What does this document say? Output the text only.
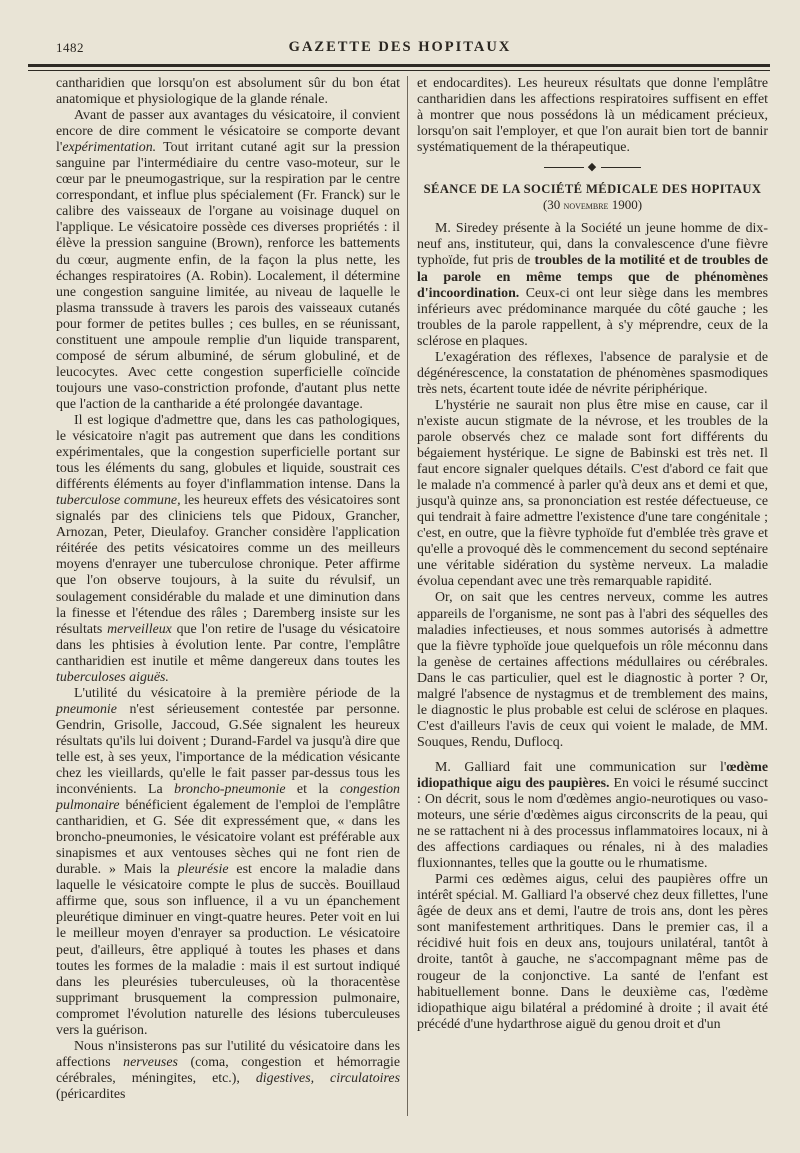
1482	GAZETTE DES HOPITAUX

cantharidien que lorsqu'on est absolument sûr du bon état anatomique et physiologique de la glande rénale.

Avant de passer aux avantages du vésicatoire, il convient encore de dire comment le vésicatoire se comporte devant l'expérimentation. Tout irritant cutané agit sur la pression sanguine par l'intermédiaire du centre vaso-moteur, sur le cœur par le pneumogastrique, sur la respiration par le centre correspondant, et influe plus spécialement (Fr. Franck) sur le calibre des vaisseaux de l'organe au voisinage duquel on l'applique. Le vésicatoire possède ces diverses propriétés : il élève la pression sanguine (Brown), renforce les battements du cœur, augmente enfin, de la façon la plus nette, les échanges respiratoires (A. Robin). Localement, il détermine une congestion sanguine limitée, au niveau de laquelle le plasma transsude à travers les parois des vaisseaux cutanés pour former de petites bulles ; ces bulles, en se réunissant, constituent une ampoule remplie d'un liquide transparent, composé de sérum albuminé, de sérum globuliné, et de leucocytes. Avec cette congestion superficielle coïncide toujours une vaso-constriction profonde, d'autant plus nette que l'action de la cantharide a été prolongée davantage.

Il est logique d'admettre que, dans les cas pathologiques, le vésicatoire n'agit pas autrement que dans les conditions expérimentales, que la congestion superficielle portant sur tous les éléments du sang, globules et liquide, soustrait ces différents éléments au foyer d'inflammation intense. Dans la tuberculose commune, les heureux effets des vésicatoires sont signalés par des cliniciens tels que Pidoux, Grancher, Arnozan, Peter, Dieulafoy. Grancher considère l'application réitérée des petits vésicatoires comme un des meilleurs moyens d'enrayer une tuberculose chronique. Peter affirme que l'on observe toujours, à la suite du révulsif, un soulagement considérable du malade et une diminution dans la finesse et l'étendue des râles ; Daremberg insiste sur les résultats merveilleux que l'on retire de l'usage du vésicatoire dans les phtisies à évolution lente. Par contre, l'emplâtre cantharidien est inutile et même dangereux dans toutes les tuberculoses aiguës.

L'utilité du vésicatoire à la première période de la pneumonie n'est sérieusement contestée par personne. Gendrin, Grisolle, Jaccoud, G.Sée signalent les heureux résultats qu'ils lui doivent ; Durand-Fardel va jusqu'à dire que telle est, à ses yeux, l'importance de la médication vésicante chez les vieillards, qu'elle le fait passer par-dessus tous les inconvénients. La broncho-pneumonie et la congestion pulmonaire bénéficient également de l'emploi de l'emplâtre cantharidien, et G. Sée dit expressément que, « dans les broncho-pneumonies, le vésicatoire volant est préférable aux sinapismes et aux ventouses sèches qui ne font rien de durable. » Mais la pleurésie est encore la maladie dans laquelle le vésicatoire compte le plus de succès. Bouillaud affirme que, sous son influence, il a vu un épanchement pleurétique diminuer en vingt-quatre heures. Peter voit en lui le meilleur moyen d'enrayer sa production. Le vésicatoire peut, d'ailleurs, être appliqué à toutes les phases et dans toutes les formes de la maladie : mais il est surtout indiqué dans les pleurésies tuberculeuses, où la thoracentèse supprimant brusquement la compression pulmonaire, compromet l'évolution naturelle des lésions tuberculeuses vers la guérison.

Nous n'insisterons pas sur l'utilité du vésicatoire dans les affections nerveuses (coma, congestion et hémorragie cérébrales, méningites, etc.), digestives, circulatoires (péricardites

et endocardites). Les heureux résultats que donne l'emplâtre cantharidien dans les affections respiratoires suffisent en effet à montrer que nous possédons là un médicament précieux, lorsqu'on sait l'employer, et que l'on aurait bien tort de bannir systématiquement de la thérapeutique.

◆
SÉANCE DE LA SOCIÉTÉ MÉDICALE DES HOPITAUX
(30 novembre 1900)

M. Siredey présente à la Société un jeune homme de dix-neuf ans, instituteur, qui, dans la convalescence d'une fièvre typhoïde, fut pris de troubles de la motilité et de troubles de la parole en même temps que de phénomènes d'incoordination. Ceux-ci ont leur siège dans les membres inférieurs avec prédominance marquée du côté gauche ; les troubles de la parole rappellent, à s'y méprendre, ceux de la sclérose en plaques.

L'exagération des réflexes, l'absence de paralysie et de dégénérescence, la constatation de phénomènes spasmodiques très nets, écartent toute idée de névrite périphérique.

L'hystérie ne saurait non plus être mise en cause, car il n'existe aucun stigmate de la névrose, et les troubles de la parole observés chez ce malade sont fort différents du bégaiement hystérique. Le signe de Babinski est très net. Il faut encore signaler quelques détails. C'est d'abord ce fait que le malade n'a commencé à parler qu'à deux ans et demi et que, jusqu'à quinze ans, sa prononciation est restée défectueuse, ce qui tendrait à faire admettre l'existence d'une tare congénitale ; c'est, en outre, que la fièvre typhoïde fut d'emblée très grave et qu'elle a provoqué dès le commencement du second septénaire une véritable sidération du système nerveux. La maladie évolua cependant avec une très remarquable rapidité.

Or, on sait que les centres nerveux, comme les autres appareils de l'organisme, ne sont pas à l'abri des séquelles des maladies infectieuses, et nous sommes autorisés à admettre que la fièvre typhoïde joue quelquefois un rôle méconnu dans la genèse de certaines affections médullaires ou cérébrales. Dans le cas particulier, quel est le diagnostic à porter ? Or, malgré l'absence de nystagmus et de tremblement des mains, le diagnostic le plus probable est celui de sclérose en plaques. C'est d'ailleurs l'avis de ceux qui voient le malade, de MM. Souques, Rendu, Duflocq.

M. Galliard fait une communication sur l'œdème idiopathique aigu des paupières. En voici le résumé succinct : On décrit, sous le nom d'œdèmes angio-neurotiques ou vaso-moteurs, une série d'œdèmes aigus circonscrits de la peau, qui ne se rattachent ni à des processus inflammatoires locaux, ni à des affections cardiaques ou rénales, ni à des maladies fluxionnantes, telles que la goutte ou le rhumatisme.

Parmi ces œdèmes aigus, celui des paupières offre un intérêt spécial. M. Galliard l'a observé chez deux fillettes, l'une âgée de deux ans et demi, l'autre de trois ans, dont les pères sont manifestement arthritiques. Dans le premier cas, il a récidivé huit fois en deux ans, toujours unilatéral, tantôt à droite, tantôt à gauche, ne s'accompagnant même pas de rougeur de la conjonctive. La santé de l'enfant est habituellement bonne. Dans le deuxième cas, l'œdème idiopathique aigu bilatéral a prédominé à droite ; il avait été précédé d'une hydarthrose aiguë du genou droit et d'un
